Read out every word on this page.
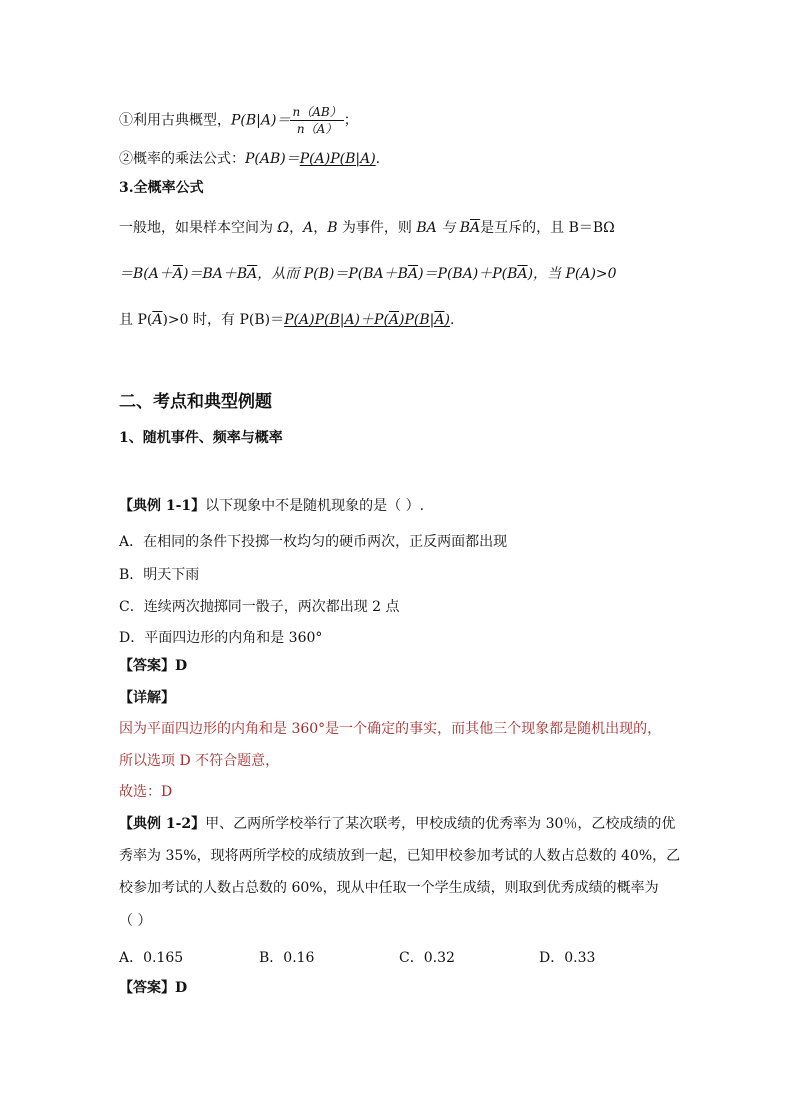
①利用古典概型，$P(B|A)= \frac{n(AB)}{n(A)}$ ；
②概率的乘法公式：P(AB)＝P(A)P(B|A).
3.全概率公式
一般地，如果样本空间为 Ω，A，B 为事件，则 BA 与 $B\overline{A}$是互斥的，且 B＝BΩ
$=B(A+\overline{A})=BA+B\overline{A}$，从而 $P(B)=P(BA+B\overline{A})=P(BA)+P(B\overline{A})$，当 P(A)>0
且 $P(\overline{A})>0$ 时，有 P(B)＝P(A)P(B|A)＋P(A)P(B|A).
二、考点和典型例题
1、随机事件、频率与概率
【典例 1-1】以下现象中不是随机现象的是（ ）.
A．在相同的条件下投掷一枚均匀的硬币两次，正反两面都出现
B．明天下雨
C．连续两次抛掷同一骰子，两次都出现 2 点
D．平面四边形的内角和是 360°
【答案】D
【详解】
因为平面四边形的内角和是 360°是一个确定的事实，而其他三个现象都是随机出现的，
所以选项 D 不符合题意，
故选：D
【典例 1-2】甲、乙两所学校举行了某次联考，甲校成绩的优秀率为 30％，乙校成绩的优
秀率为 35%，现将两所学校的成绩放到一起，已知甲校参加考试的人数占总数的 40%，乙
校参加考试的人数占总数的 60%，现从中任取一个学生成绩，则取到优秀成绩的概率为
（ ）
A．0.165	B．0.16	C．0.32	D．0.33
【答案】D
